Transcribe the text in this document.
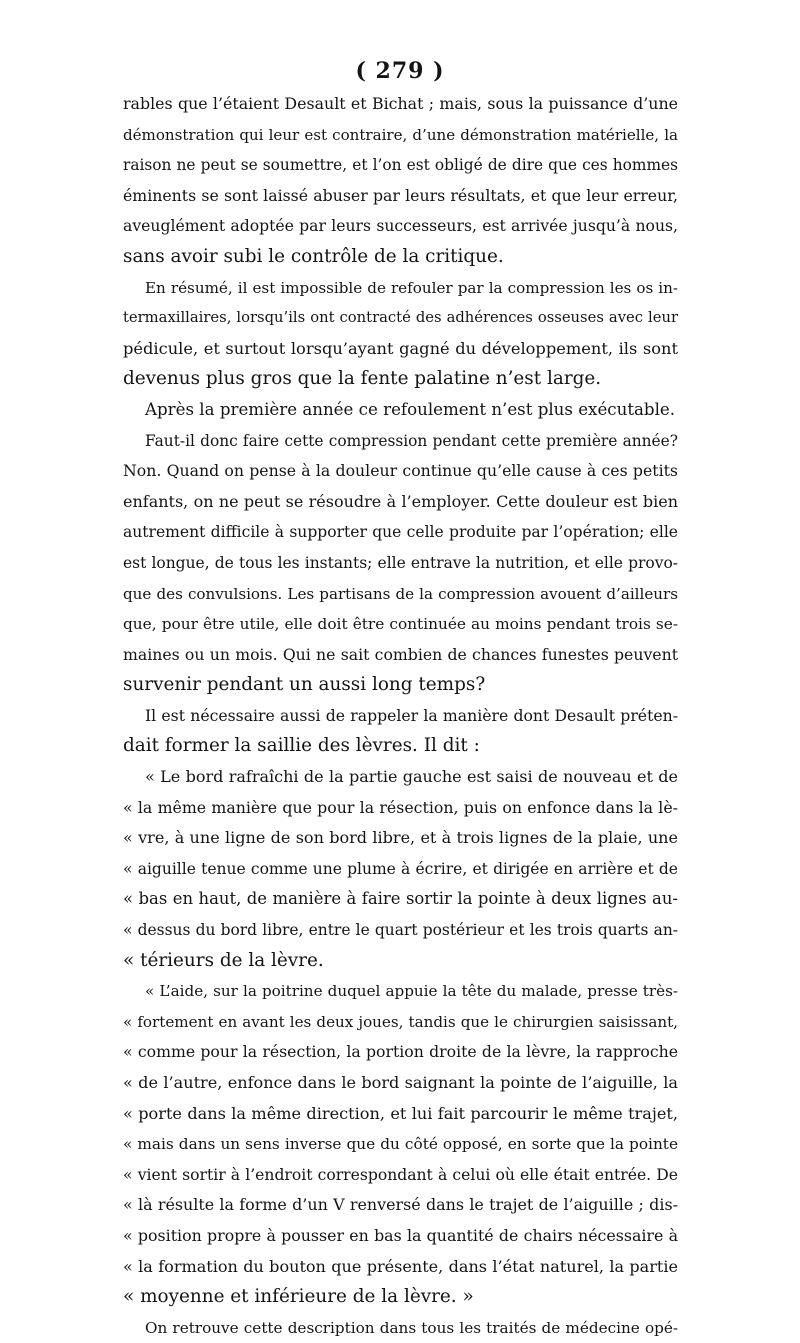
( 279 )
rables que l’étaient Desault et Bichat ; mais, sous la puissance d’une
démonstration qui leur est contraire, d’une démonstration matérielle, la
raison ne peut se soumettre, et l’on est obligé de dire que ces hommes
éminents se sont laissé abuser par leurs résultats, et que leur erreur,
aveuglément adoptée par leurs successeurs, est arrivée jusqu’à nous,
sans avoir subi le contrôle de la critique.
En résumé, il est impossible de refouler par la compression les os in-
termaxillaires, lorsqu’ils ont contracté des adhérences osseuses avec leur
pédicule, et surtout lorsqu’ayant gagné du développement, ils sont
devenus plus gros que la fente palatine n’est large.
Après la première année ce refoulement n’est plus exécutable.
Faut-il donc faire cette compression pendant cette première année?
Non. Quand on pense à la douleur continue qu’elle cause à ces petits
enfants, on ne peut se résoudre à l’employer. Cette douleur est bien
autrement difficile à supporter que celle produite par l’opération; elle
est longue, de tous les instants; elle entrave la nutrition, et elle provo-
que des convulsions. Les partisans de la compression avouent d’ailleurs
que, pour être utile, elle doit être continuée au moins pendant trois se-
maines ou un mois. Qui ne sait combien de chances funestes peuvent
survenir pendant un aussi long temps?
Il est nécessaire aussi de rappeler la manière dont Desault préten-
dait former la saillie des lèvres. Il dit :
« Le bord rafraîchi de la partie gauche est saisi de nouveau et de
« la même manière que pour la résection, puis on enfonce dans la lè-
« vre, à une ligne de son bord libre, et à trois lignes de la plaie, une
« aiguille tenue comme une plume à écrire, et dirigée en arrière et de
« bas en haut, de manière à faire sortir la pointe à deux lignes au-
« dessus du bord libre, entre le quart postérieur et les trois quarts an-
« térieurs de la lèvre.
« L’aide, sur la poitrine duquel appuie la tête du malade, presse très-
« fortement en avant les deux joues, tandis que le chirurgien saisissant,
« comme pour la résection, la portion droite de la lèvre, la rapproche
« de l’autre, enfonce dans le bord saignant la pointe de l’aiguille, la
« porte dans la même direction, et lui fait parcourir le même trajet,
« mais dans un sens inverse que du côté opposé, en sorte que la pointe
« vient sortir à l’endroit correspondant à celui où elle était entrée. De
« là résulte la forme d’un V renversé dans le trajet de l’aiguille ; dis-
« position propre à pousser en bas la quantité de chairs nécessaire à
« la formation du bouton que présente, dans l’état naturel, la partie
« moyenne et inférieure de la lèvre. »
On retrouve cette description dans tous les traités de médecine opé-
